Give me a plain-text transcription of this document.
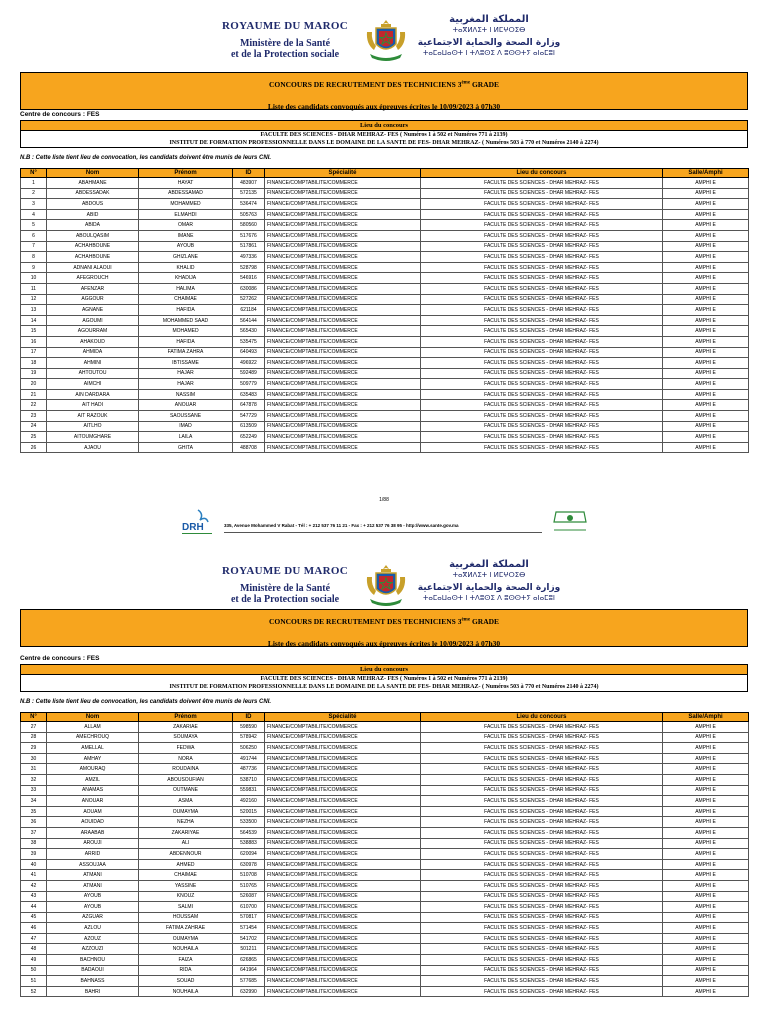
ROYAUME DU MAROC
Ministère de la Santé
et de la Protection sociale
المملكة المغربية
ⵜⴰⴳⵍⴷⵉⵜ ⵏ ⵍⵎⵖⵔⵉⴱ
وزارة الصحة والحماية الاجتماعية
ⵜⴰⵎⴰⵡⴰⵙⵜ ⵏ ⵜⴷⵓⵙⵉ ⴷ ⵓⵙⵙⵜⵢ ⴰⵏⴰⵎⵓⵏ
CONCOURS DE RECRUTEMENT DES TECHNICIENS 3ème GRADE
Liste des candidats convoqués aux épreuves écrites le 10/09/2023 à 07h30
Centre de concours : FES
Lieu du concours
FACULTE DES SCIENCES - DHAR MEHRAZ- FES ( Numéros 1 à 502 et Numéros 771 à 2139)
INSTITUT DE FORMATION PROFESSIONNELLE DANS LE DOMAINE DE LA SANTE DE FES- DHAR MEHRAZ- ( Numéros 503 à 770 et Numéros 2140 à 2274)
N.B : Cette liste tient lieu de convocation, les candidats doivent être munis de leurs CNI.
N°	Nom	Prénom	ID	Spécialité	Lieu du concours	Salle/Amphi
1	ABAHMANE	HAYAT	483907	FINANCE/COMPTABILITE/COMMERCE	FACULTE DES SCIENCES - DHAR MEHRAZ- FES	AMPHI E
2	ABDESSADAK	ABDESSAMAD	572135	FINANCE/COMPTABILITE/COMMERCE	FACULTE DES SCIENCES - DHAR MEHRAZ- FES	AMPHI E
3	ABDOUS	MOHAMMED	536474	FINANCE/COMPTABILITE/COMMERCE	FACULTE DES SCIENCES - DHAR MEHRAZ- FES	AMPHI E
4	ABID	ELMAHDI	505763	FINANCE/COMPTABILITE/COMMERCE	FACULTE DES SCIENCES - DHAR MEHRAZ- FES	AMPHI E
5	ABIDA	OMAR	580560	FINANCE/COMPTABILITE/COMMERCE	FACULTE DES SCIENCES - DHAR MEHRAZ- FES	AMPHI E
6	ABOULQASIM	IMANE	517676	FINANCE/COMPTABILITE/COMMERCE	FACULTE DES SCIENCES - DHAR MEHRAZ- FES	AMPHI E
7	ACHAHBOUNE	AYOUB	517861	FINANCE/COMPTABILITE/COMMERCE	FACULTE DES SCIENCES - DHAR MEHRAZ- FES	AMPHI E
8	ACHAHBOUNE	GHIZLANE	497336	FINANCE/COMPTABILITE/COMMERCE	FACULTE DES SCIENCES - DHAR MEHRAZ- FES	AMPHI E
9	ADNANI ALAOUI	KHALID	528798	FINANCE/COMPTABILITE/COMMERCE	FACULTE DES SCIENCES - DHAR MEHRAZ- FES	AMPHI E
10	AFEGROUCH	KHADIJA	546916	FINANCE/COMPTABILITE/COMMERCE	FACULTE DES SCIENCES - DHAR MEHRAZ- FES	AMPHI E
11	AFENZAR	HALIMA	630086	FINANCE/COMPTABILITE/COMMERCE	FACULTE DES SCIENCES - DHAR MEHRAZ- FES	AMPHI E
12	AGGOUR	CHAIMAE	527262	FINANCE/COMPTABILITE/COMMERCE	FACULTE DES SCIENCES - DHAR MEHRAZ- FES	AMPHI E
13	AGNANE	HAFIDA	621184	FINANCE/COMPTABILITE/COMMERCE	FACULTE DES SCIENCES - DHAR MEHRAZ- FES	AMPHI E
14	AGOUMI	MOHAMMED SAAD	564144	FINANCE/COMPTABILITE/COMMERCE	FACULTE DES SCIENCES - DHAR MEHRAZ- FES	AMPHI E
15	AGOURRAM	MOHAMED	565430	FINANCE/COMPTABILITE/COMMERCE	FACULTE DES SCIENCES - DHAR MEHRAZ- FES	AMPHI E
16	AHAKOUD	HAFIDA	535475	FINANCE/COMPTABILITE/COMMERCE	FACULTE DES SCIENCES - DHAR MEHRAZ- FES	AMPHI E
17	AHMIDA	FATIMA ZAHRA	640493	FINANCE/COMPTABILITE/COMMERCE	FACULTE DES SCIENCES - DHAR MEHRAZ- FES	AMPHI E
18	AHMINI	IBTISSAME	496922	FINANCE/COMPTABILITE/COMMERCE	FACULTE DES SCIENCES - DHAR MEHRAZ- FES	AMPHI E
19	AHTOUTOU	HAJAR	592489	FINANCE/COMPTABILITE/COMMERCE	FACULTE DES SCIENCES - DHAR MEHRAZ- FES	AMPHI E
20	AIMCHI	HAJAR	509779	FINANCE/COMPTABILITE/COMMERCE	FACULTE DES SCIENCES - DHAR MEHRAZ- FES	AMPHI E
21	AIN DARDARA	NASSIM	635483	FINANCE/COMPTABILITE/COMMERCE	FACULTE DES SCIENCES - DHAR MEHRAZ- FES	AMPHI E
22	AIT HADI	ANOUAR	647878	FINANCE/COMPTABILITE/COMMERCE	FACULTE DES SCIENCES - DHAR MEHRAZ- FES	AMPHI E
23	AIT RAZOUK	SAOUSSANE	547729	FINANCE/COMPTABILITE/COMMERCE	FACULTE DES SCIENCES - DHAR MEHRAZ- FES	AMPHI E
24	AITLHO	IMAD	613509	FINANCE/COMPTABILITE/COMMERCE	FACULTE DES SCIENCES - DHAR MEHRAZ- FES	AMPHI E
25	AITOUMGHARE	LAILA	652249	FINANCE/COMPTABILITE/COMMERCE	FACULTE DES SCIENCES - DHAR MEHRAZ- FES	AMPHI E
26	AJAOU	GHITA	488708	FINANCE/COMPTABILITE/COMMERCE	FACULTE DES SCIENCES - DHAR MEHRAZ- FES	AMPHI E
1/88
DRH	335, Avenue Mohammed V Rabat - Tél : + 212 537 76 11 21 - Fax : + 212 537 76 38 95 - http://www.sante.gov.ma
ROYAUME DU MAROC
Ministère de la Santé
et de la Protection sociale
المملكة المغربية
ⵜⴰⴳⵍⴷⵉⵜ ⵏ ⵍⵎⵖⵔⵉⴱ
وزارة الصحة والحماية الاجتماعية
ⵜⴰⵎⴰⵡⴰⵙⵜ ⵏ ⵜⴷⵓⵙⵉ ⴷ ⵓⵙⵙⵜⵢ ⴰⵏⴰⵎⵓⵏ
CONCOURS DE RECRUTEMENT DES TECHNICIENS 3ème GRADE
Liste des candidats convoqués aux épreuves écrites le 10/09/2023 à 07h30
Centre de concours : FES
Lieu du concours
FACULTE DES SCIENCES - DHAR MEHRAZ- FES ( Numéros 1 à 502 et Numéros 771 à 2139)
INSTITUT DE FORMATION PROFESSIONNELLE DANS LE DOMAINE DE LA SANTE DE FES- DHAR MEHRAZ- ( Numéros 503 à 770 et Numéros 2140 à 2274)
N.B : Cette liste tient lieu de convocation, les candidats doivent être munis de leurs CNI.
N°	Nom	Prénom	ID	Spécialité	Lieu du concours	Salle/Amphi
27	ALLAM	ZAKARIAE	598590	FINANCE/COMPTABILITE/COMMERCE	FACULTE DES SCIENCES - DHAR MEHRAZ- FES	AMPHI E
28	AMECHROUQ	SOUMAYA	578942	FINANCE/COMPTABILITE/COMMERCE	FACULTE DES SCIENCES - DHAR MEHRAZ- FES	AMPHI E
29	AMELLAL	FEDWA	506250	FINANCE/COMPTABILITE/COMMERCE	FACULTE DES SCIENCES - DHAR MEHRAZ- FES	AMPHI E
30	AMHAY	NORA	491744	FINANCE/COMPTABILITE/COMMERCE	FACULTE DES SCIENCES - DHAR MEHRAZ- FES	AMPHI E
31	AMOURAQ	ROUDAINA	487736	FINANCE/COMPTABILITE/COMMERCE	FACULTE DES SCIENCES - DHAR MEHRAZ- FES	AMPHI E
32	AMZIL	ABOUSOUFIAN	538710	FINANCE/COMPTABILITE/COMMERCE	FACULTE DES SCIENCES - DHAR MEHRAZ- FES	AMPHI E
33	ANAMAS	OUTMANE	559831	FINANCE/COMPTABILITE/COMMERCE	FACULTE DES SCIENCES - DHAR MEHRAZ- FES	AMPHI E
34	ANOUAR	ASMA	492160	FINANCE/COMPTABILITE/COMMERCE	FACULTE DES SCIENCES - DHAR MEHRAZ- FES	AMPHI E
35	AOUAM	OUMAYMA	520015	FINANCE/COMPTABILITE/COMMERCE	FACULTE DES SCIENCES - DHAR MEHRAZ- FES	AMPHI E
36	AOUIDAD	NEZHA	533500	FINANCE/COMPTABILITE/COMMERCE	FACULTE DES SCIENCES - DHAR MEHRAZ- FES	AMPHI E
37	ARAABAB	ZAKARIYAE	564539	FINANCE/COMPTABILITE/COMMERCE	FACULTE DES SCIENCES - DHAR MEHRAZ- FES	AMPHI E
38	AROUJI	ALI	538883	FINANCE/COMPTABILITE/COMMERCE	FACULTE DES SCIENCES - DHAR MEHRAZ- FES	AMPHI E
39	ARRID	ABDENNOUR	620094	FINANCE/COMPTABILITE/COMMERCE	FACULTE DES SCIENCES - DHAR MEHRAZ- FES	AMPHI E
40	ASSOUJAA	AHMED	630978	FINANCE/COMPTABILITE/COMMERCE	FACULTE DES SCIENCES - DHAR MEHRAZ- FES	AMPHI E
41	ATMANI	CHAIMAE	510708	FINANCE/COMPTABILITE/COMMERCE	FACULTE DES SCIENCES - DHAR MEHRAZ- FES	AMPHI E
42	ATMANI	YASSINE	510765	FINANCE/COMPTABILITE/COMMERCE	FACULTE DES SCIENCES - DHAR MEHRAZ- FES	AMPHI E
43	AYOUB	KNOUZ	526087	FINANCE/COMPTABILITE/COMMERCE	FACULTE DES SCIENCES - DHAR MEHRAZ- FES	AMPHI E
44	AYOUB	SALMI	610700	FINANCE/COMPTABILITE/COMMERCE	FACULTE DES SCIENCES - DHAR MEHRAZ- FES	AMPHI E
45	AZGUAR	HOUSSAM	570817	FINANCE/COMPTABILITE/COMMERCE	FACULTE DES SCIENCES - DHAR MEHRAZ- FES	AMPHI E
46	AZLOU	FATIMA ZAHRAE	571454	FINANCE/COMPTABILITE/COMMERCE	FACULTE DES SCIENCES - DHAR MEHRAZ- FES	AMPHI E
47	AZOUZ	OUMAYMA	541702	FINANCE/COMPTABILITE/COMMERCE	FACULTE DES SCIENCES - DHAR MEHRAZ- FES	AMPHI E
48	AZZOUZI	NOUHAILA	501211	FINANCE/COMPTABILITE/COMMERCE	FACULTE DES SCIENCES - DHAR MEHRAZ- FES	AMPHI E
49	BACHNOU	FAIZA	626865	FINANCE/COMPTABILITE/COMMERCE	FACULTE DES SCIENCES - DHAR MEHRAZ- FES	AMPHI E
50	BADAOUI	RIDA	641964	FINANCE/COMPTABILITE/COMMERCE	FACULTE DES SCIENCES - DHAR MEHRAZ- FES	AMPHI E
51	BAHNASS	SOUAD	577685	FINANCE/COMPTABILITE/COMMERCE	FACULTE DES SCIENCES - DHAR MEHRAZ- FES	AMPHI E
52	BAHRI	NOUHAILA	632990	FINANCE/COMPTABILITE/COMMERCE	FACULTE DES SCIENCES - DHAR MEHRAZ- FES	AMPHI E
